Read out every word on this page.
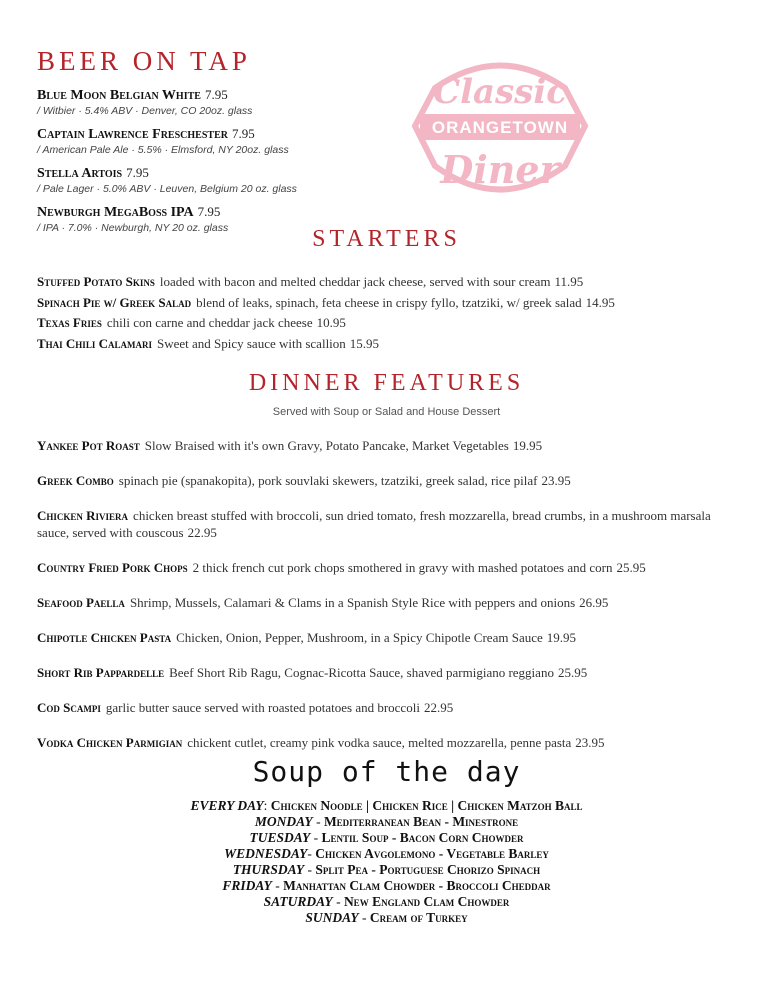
BEER ON TAP
Blue Moon Belgian White 7.95
/ Witbier · 5.4% ABV · Denver, CO 20oz. glass
Captain Lawrence Freschester 7.95
/ American Pale Ale · 5.5% · Elmsford, NY 20oz. glass
Stella Artois 7.95
/ Pale Lager · 5.0% ABV · Leuven, Belgium 20 oz. glass
Newburgh MegaBoss IPA 7.95
/ IPA · 7.0% · Newburgh, NY 20 oz. glass
Classic
ORANGETOWN
Diner
STARTERS
Stuffed Potato Skins loaded with bacon and melted cheddar jack cheese, served with sour cream 11.95
Spinach Pie w/ Greek Salad blend of leaks, spinach, feta cheese in crispy fyllo, tzatziki, w/ greek salad 14.95
Texas Fries chili con carne and cheddar jack cheese 10.95
Thai Chili Calamari Sweet and Spicy sauce with scallion 15.95
DINNER FEATURES
Served with Soup or Salad and House Dessert
Yankee Pot Roast Slow Braised with it's own Gravy, Potato Pancake, Market Vegetables 19.95
Greek Combo spinach pie (spanakopita), pork souvlaki skewers, tzatziki, greek salad, rice pilaf 23.95
Chicken Riviera chicken breast stuffed with broccoli, sun dried tomato, fresh mozzarella, bread crumbs, in a mushroom marsala sauce, served with couscous 22.95
Country Fried Pork Chops 2 thick french cut pork chops smothered in gravy with mashed potatoes and corn 25.95
Seafood Paella Shrimp, Mussels, Calamari & Clams in a Spanish Style Rice with peppers and onions 26.95
Chipotle Chicken Pasta Chicken, Onion, Pepper, Mushroom, in a Spicy Chipotle Cream Sauce 19.95
Short Rib Pappardelle Beef Short Rib Ragu, Cognac-Ricotta Sauce, shaved parmigiano reggiano 25.95
Cod Scampi garlic butter sauce served with roasted potatoes and broccoli 22.95
Vodka Chicken Parmigian chickent cutlet, creamy pink vodka sauce, melted mozzarella, penne pasta 23.95
Soup of the day
EVERY DAY: Chicken Noodle | Chicken Rice | Chicken Matzoh Ball
MONDAY - Mediterranean Bean - Minestrone
TUESDAY - Lentil Soup - Bacon Corn Chowder
WEDNESDAY- Chicken Avgolemono - Vegetable Barley
THURSDAY - Split Pea - Portuguese Chorizo Spinach
FRIDAY - Manhattan Clam Chowder - Broccoli Cheddar
SATURDAY - New England Clam Chowder
SUNDAY - Cream of Turkey
